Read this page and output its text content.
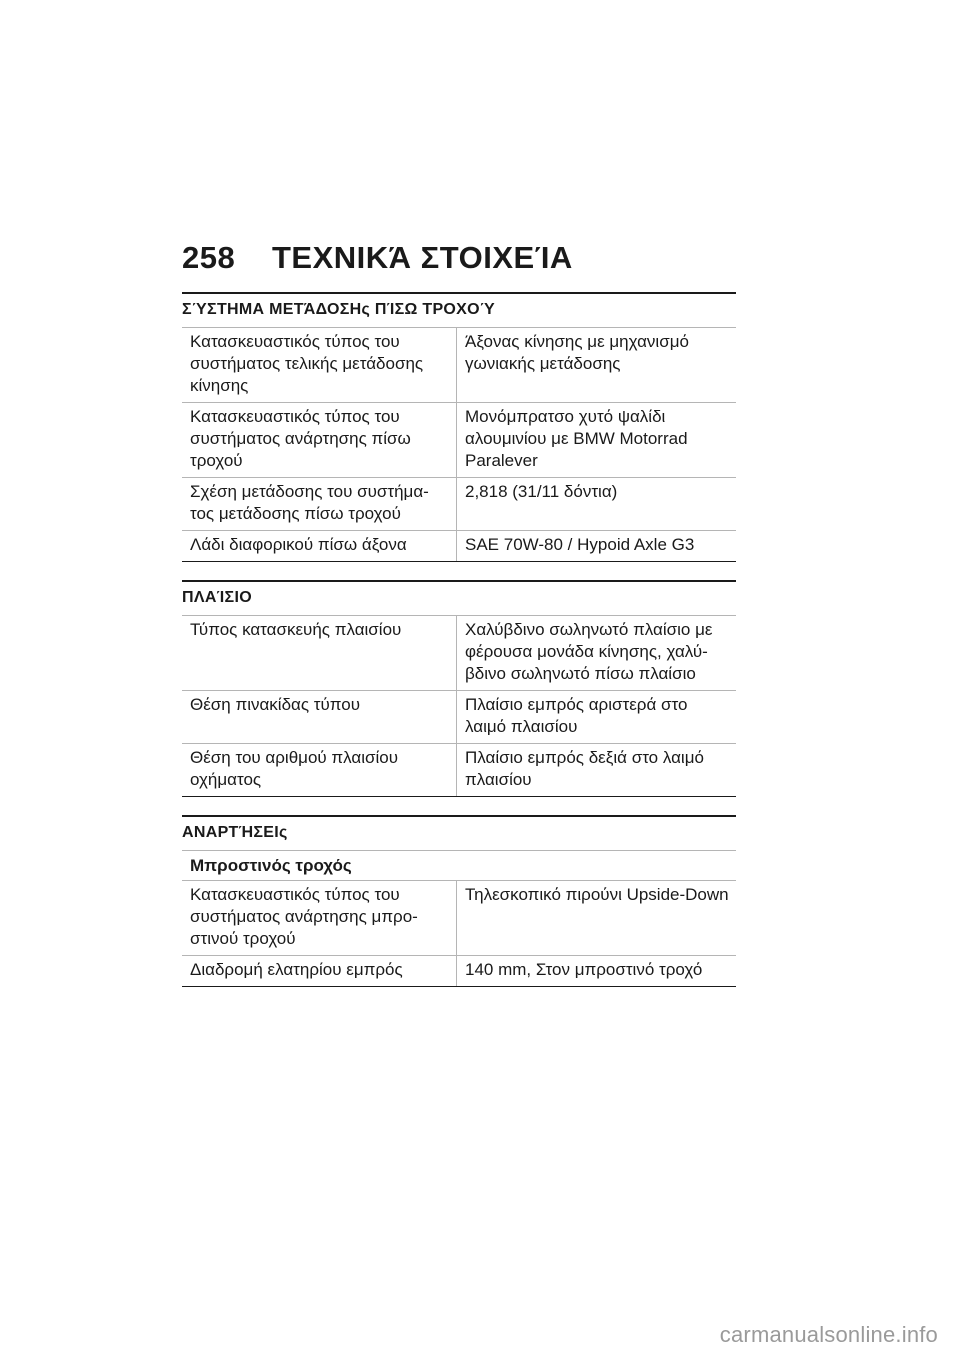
258	ΤΕΧΝΙΚΆ ΣΤΟΙΧΕΊΑ
ΣΎΣΤΗΜΑ ΜΕΤΆΔΟΣΗς ΠΊΣΩ ΤΡΟΧΟΎ
Κατασκευαστικός τύπος του συστήματος τελικής μετάδοσης κίνησης	Άξονας κίνησης με μηχανισμό γωνιακής μετάδοσης
Κατασκευαστικός τύπος του συστήματος ανάρτησης πίσω τροχού	Μονόμπρατσο χυτό ψαλίδι αλουμινίου με BMW Motorrad Paralever
Σχέση μετάδοσης του συστήμα-τος μετάδοσης πίσω τροχού	2,818 (31/11 δόντια)
Λάδι διαφορικού πίσω άξονα	SAE 70W-80 / Hypoid Axle G3
ΠΛΑΊΣΙΟ
Τύπος κατασκευής πλαισίου	Χαλύβδινο σωληνωτό πλαίσιο με φέρουσα μονάδα κίνησης, χαλύ-βδινο σωληνωτό πίσω πλαίσιο
Θέση πινακίδας τύπου	Πλαίσιο εμπρός αριστερά στο λαιμό πλαισίου
Θέση του αριθμού πλαισίου οχήματος	Πλαίσιο εμπρός δεξιά στο λαιμό πλαισίου
ΑΝΑΡΤΉΣΕΙς
Μπροστινός τροχός
Κατασκευαστικός τύπος του συστήματος ανάρτησης μπρο-στινού τροχού	Τηλεσκοπικό πιρούνι Upside-Down
Διαδρομή ελατηρίου εμπρός	140 mm, Στον μπροστινό τροχό
carmanualsonline.info
